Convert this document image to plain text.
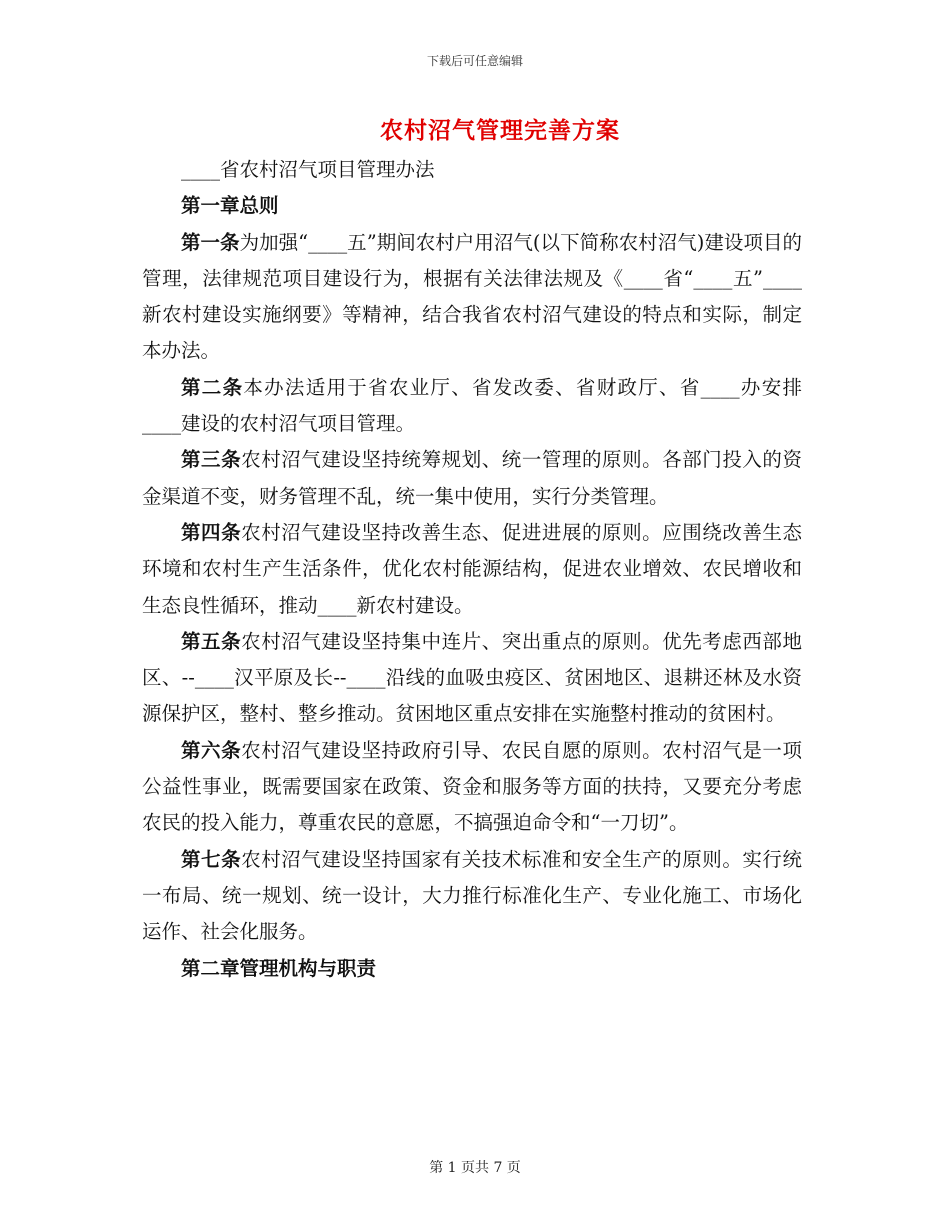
下载后可任意编辑
农村沼气管理完善方案

____省农村沼气项目管理办法

第一章总则

第一条为加强“____五”期间农村户用沼气(以下简称农村沼气)建设项目的管理，法律规范项目建设行为，根据有关法律法规及《____省“____五”____新农村建设实施纲要》等精神，结合我省农村沼气建设的特点和实际，制定本办法。

第二条本办法适用于省农业厅、省发改委、省财政厅、省____办安排____建设的农村沼气项目管理。

第三条农村沼气建设坚持统筹规划、统一管理的原则。各部门投入的资金渠道不变，财务管理不乱，统一集中使用，实行分类管理。

第四条农村沼气建设坚持改善生态、促进进展的原则。应围绕改善生态环境和农村生产生活条件，优化农村能源结构，促进农业增效、农民增收和生态良性循环，推动____新农村建设。

第五条农村沼气建设坚持集中连片、突出重点的原则。优先考虑西部地区、--____汉平原及长--____沿线的血吸虫疫区、贫困地区、退耕还林及水资源保护区，整村、整乡推动。贫困地区重点安排在实施整村推动的贫困村。

第六条农村沼气建设坚持政府引导、农民自愿的原则。农村沼气是一项公益性事业，既需要国家在政策、资金和服务等方面的扶持，又要充分考虑农民的投入能力，尊重农民的意愿，不搞强迫命令和“一刀切”。

第七条农村沼气建设坚持国家有关技术标准和安全生产的原则。实行统一布局、统一规划、统一设计，大力推行标准化生产、专业化施工、市场化运作、社会化服务。

第二章管理机构与职责

第 1 页共 7 页
